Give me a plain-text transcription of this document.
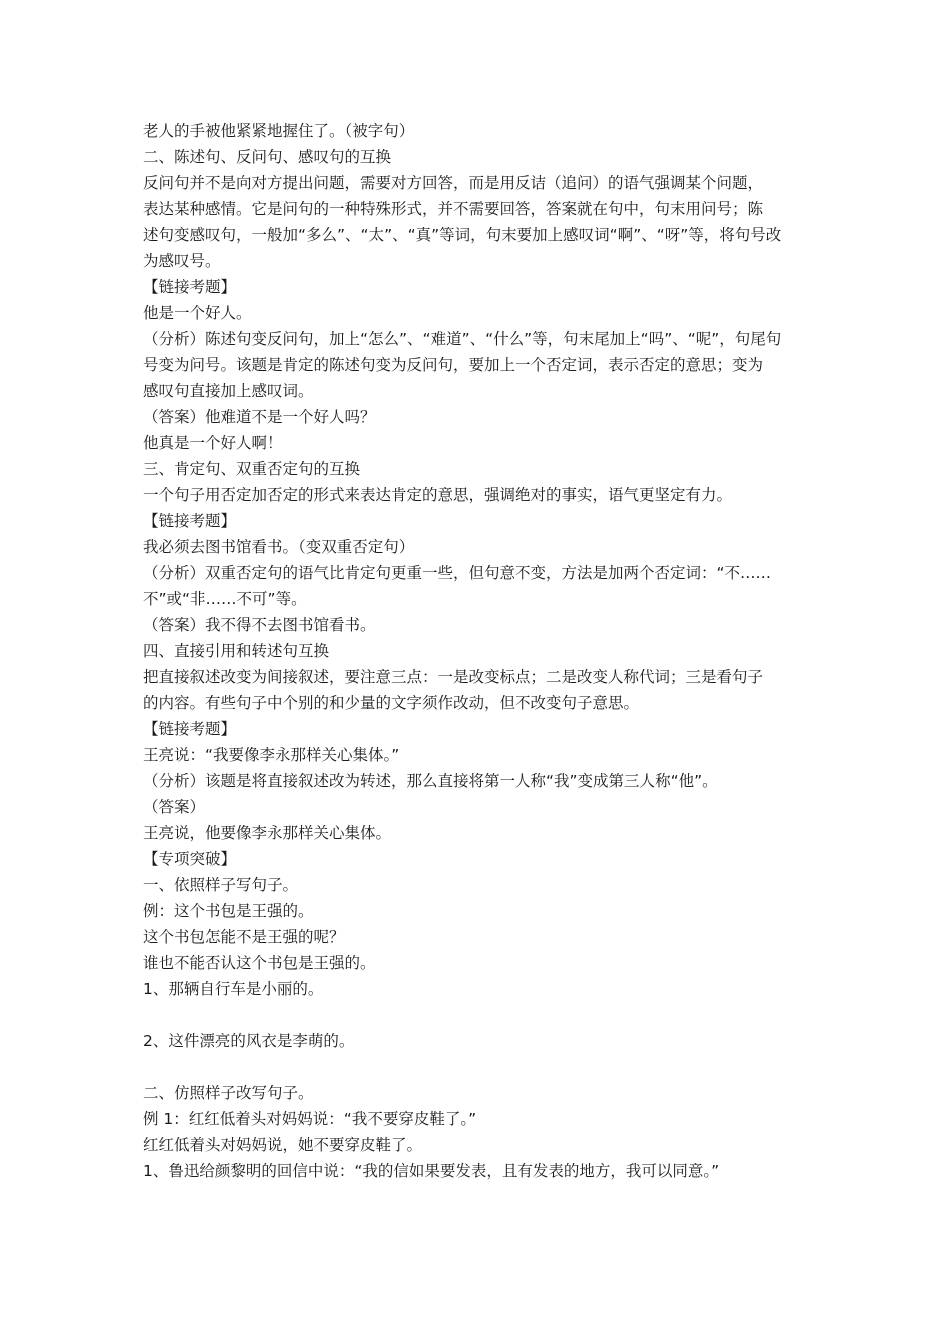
老人的手被他紧紧地握住了。（被字句）
二、陈述句、反问句、感叹句的互换
反问句并不是向对方提出问题，需要对方回答，而是用反诘（追问）的语气强调某个问题，
表达某种感情。它是问句的一种特殊形式，并不需要回答，答案就在句中，句末用问号；陈
述句变感叹句，一般加“多么”、“太”、“真”等词，句末要加上感叹词“啊”、“呀”等，将句号改
为感叹号。
【链接考题】
他是一个好人。
（分析）陈述句变反问句，加上“怎么”、“难道”、“什么”等，句末尾加上“吗”、“呢”，句尾句
号变为问号。该题是肯定的陈述句变为反问句，要加上一个否定词，表示否定的意思；变为
感叹句直接加上感叹词。
（答案）他难道不是一个好人吗？
他真是一个好人啊！
三、肯定句、双重否定句的互换
一个句子用否定加否定的形式来表达肯定的意思，强调绝对的事实，语气更坚定有力。
【链接考题】
我必须去图书馆看书。（变双重否定句）
（分析）双重否定句的语气比肯定句更重一些，但句意不变，方法是加两个否定词：“不……
不”或“非……不可”等。
（答案）我不得不去图书馆看书。
四、直接引用和转述句互换
把直接叙述改变为间接叙述，要注意三点：一是改变标点；二是改变人称代词；三是看句子
的内容。有些句子中个别的和少量的文字须作改动，但不改变句子意思。
【链接考题】
王亮说：“我要像李永那样关心集体。”
（分析）该题是将直接叙述改为转述，那么直接将第一人称“我”变成第三人称“他”。
（答案）
王亮说，他要像李永那样关心集体。
【专项突破】
一、依照样子写句子。
例：这个书包是王强的。
这个书包怎能不是王强的呢？
谁也不能否认这个书包是王强的。
1、那辆自行车是小丽的。
2、这件漂亮的风衣是李萌的。
二、仿照样子改写句子。
例 1：红红低着头对妈妈说：“我不要穿皮鞋了。”
红红低着头对妈妈说，她不要穿皮鞋了。
1、鲁迅给颜黎明的回信中说：“我的信如果要发表，且有发表的地方，我可以同意。”
